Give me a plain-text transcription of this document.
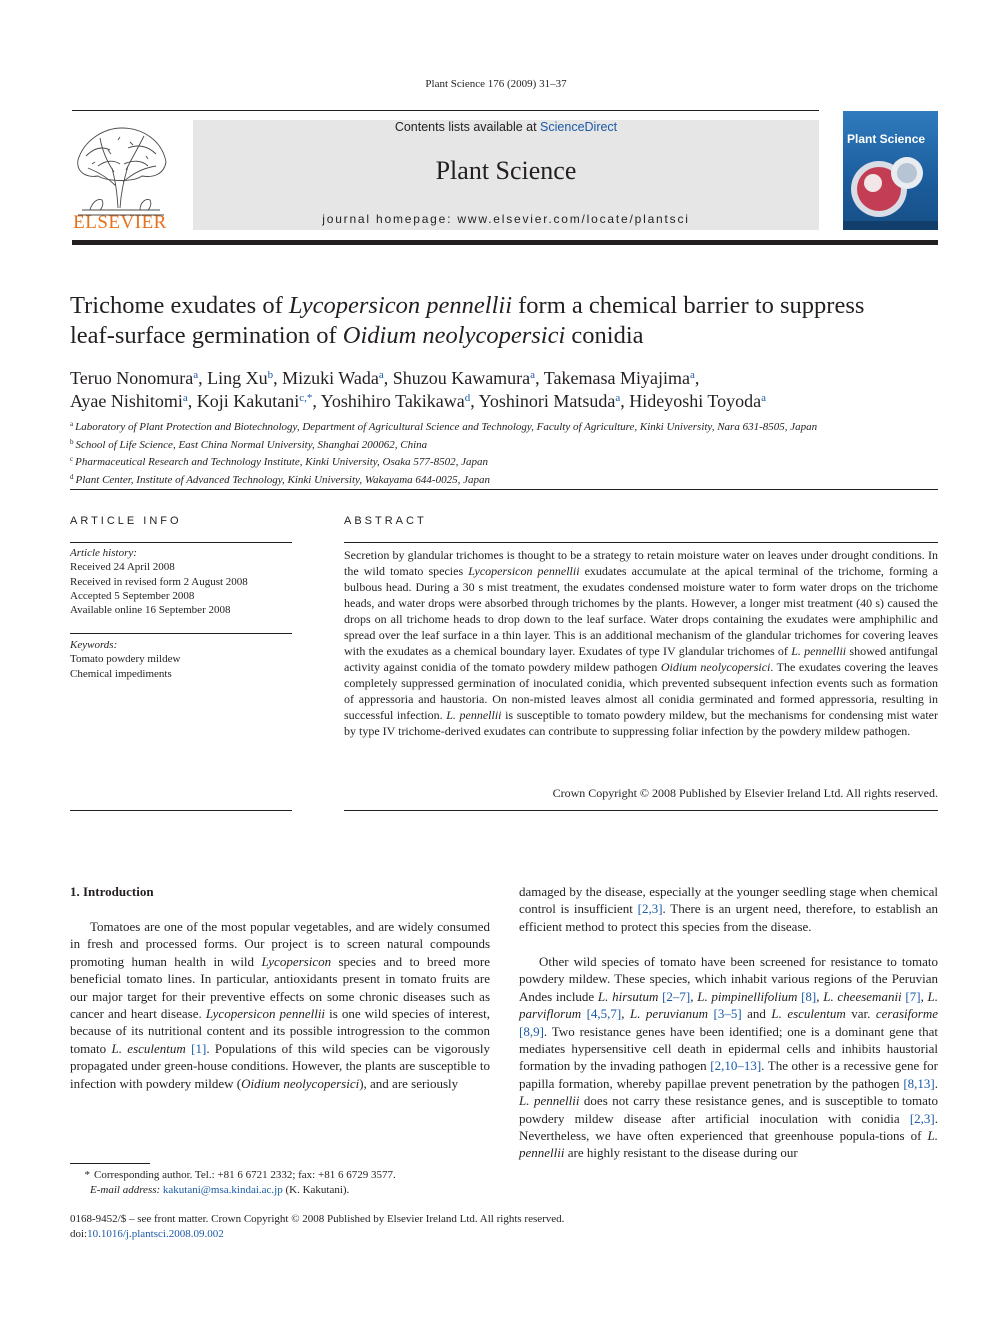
Plant Science 176 (2009) 31–37
ELSEVIER
Contents lists available at ScienceDirect
Plant Science
journal homepage: www.elsevier.com/locate/plantsci
Plant Science
Trichome exudates of Lycopersicon pennellii form a chemical barrier to suppress
leaf-surface germination of Oidium neolycopersici conidia
Teruo Nonomura$^a$, Ling Xu$^b$, Mizuki Wada$^a$, Shuzou Kawamura$^a$, Takemasa Miyajima$^a$,
Ayae Nishitomi$^a$, Koji Kakutani$^{c,*}$, Yoshihiro Takikawa$^d$, Yoshinori Matsuda$^a$, Hideyoshi Toyoda$^a$
$^a$ Laboratory of Plant Protection and Biotechnology, Department of Agricultural Science and Technology, Faculty of Agriculture, Kinki University, Nara 631-8505, Japan
$^b$ School of Life Science, East China Normal University, Shanghai 200062, China
$^c$ Pharmaceutical Research and Technology Institute, Kinki University, Osaka 577-8502, Japan
$^d$ Plant Center, Institute of Advanced Technology, Kinki University, Wakayama 644-0025, Japan
ARTICLE INFO
Article history:
Received 24 April 2008
Received in revised form 2 August 2008
Accepted 5 September 2008
Available online 16 September 2008
Keywords:
Tomato powdery mildew
Chemical impediments
ABSTRACT
Secretion by glandular trichomes is thought to be a strategy to retain moisture water on leaves under drought conditions. In the wild tomato species Lycopersicon pennellii exudates accumulate at the apical terminal of the trichome, forming a bulbous head. During a 30 s mist treatment, the exudates condensed moisture water to form water drops on the trichome heads, and water drops were absorbed through trichomes by the plants. However, a longer mist treatment (40 s) caused the drops on all trichome heads to drop down to the leaf surface. Water drops containing the exudates were amphiphilic and spread over the leaf surface in a thin layer. This is an additional mechanism of the glandular trichomes for covering leaves with the exudates as a chemical boundary layer. Exudates of type IV glandular trichomes of L. pennellii showed antifungal activity against conidia of the tomato powdery mildew pathogen Oidium neolycopersici. The exudates covering the leaves completely suppressed germination of inoculated conidia, which prevented subsequent infection events such as formation of appressoria and haustoria. On non-misted leaves almost all conidia germinated and formed appressoria, resulting in successful infection. L. pennellii is susceptible to tomato powdery mildew, but the mechanisms for condensing mist water by type IV trichome-derived exudates can contribute to suppressing foliar infection by the powdery mildew pathogen.
Crown Copyright © 2008 Published by Elsevier Ireland Ltd. All rights reserved.
1. Introduction
Tomatoes are one of the most popular vegetables, and are widely consumed in fresh and processed forms. Our project is to screen natural compounds promoting human health in wild Lycopersicon species and to breed more beneficial tomato lines. In particular, antioxidants present in tomato fruits are our major target for their preventive effects on some chronic diseases such as cancer and heart disease. Lycopersicon pennellii is one wild species of interest, because of its nutritional content and its possible introgression to the common tomato L. esculentum [1]. Populations of this wild species can be vigorously propagated under green-house conditions. However, the plants are susceptible to infection with powdery mildew (Oidium neolycopersici), and are seriously
damaged by the disease, especially at the younger seedling stage when chemical control is insufficient [2,3]. There is an urgent need, therefore, to establish an efficient method to protect this species from the disease.
Other wild species of tomato have been screened for resistance to tomato powdery mildew. These species, which inhabit various regions of the Peruvian Andes include L. hirsutum [2–7], L. pimpinellifolium [8], L. cheesemanii [7], L. parviflorum [4,5,7], L. peruvianum [3–5] and L. esculentum var. cerasiforme [8,9]. Two resistance genes have been identified; one is a dominant gene that mediates hypersensitive cell death in epidermal cells and inhibits haustorial formation by the invading pathogen [2,10–13]. The other is a recessive gene for papilla formation, whereby papillae prevent penetration by the pathogen [8,13]. L. pennellii does not carry these resistance genes, and is susceptible to tomato powdery mildew disease after artificial inoculation with conidia [2,3]. Nevertheless, we have often experienced that greenhouse popula-tions of L. pennellii are highly resistant to the disease during our
* Corresponding author. Tel.: +81 6 6721 2332; fax: +81 6 6729 3577.
E-mail address: kakutani@msa.kindai.ac.jp (K. Kakutani).
0168-9452/$ – see front matter. Crown Copyright © 2008 Published by Elsevier Ireland Ltd. All rights reserved.
doi:10.1016/j.plantsci.2008.09.002
